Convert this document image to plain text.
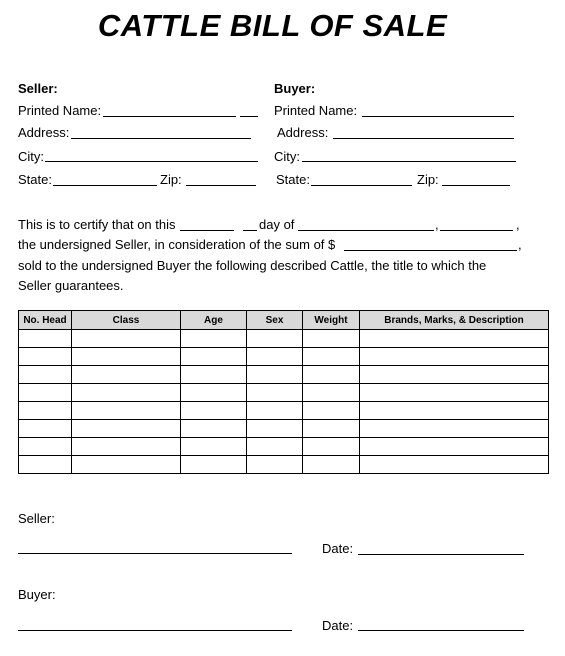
CATTLE BILL OF SALE
Seller:
Printed Name:
Address:
City:
State:	Zip:
Buyer:
Printed Name:
Address:
City:
State:	Zip:
This is to certify that on this	day of	,	,
the undersigned Seller, in consideration of the sum of $	,
sold to the undersigned Buyer the following described Cattle, the title to which the
Seller guarantees.
No. Head	Class	Age	Sex	Weight	Brands, Marks, & Description

Seller:
Date:
Buyer:
Date:
